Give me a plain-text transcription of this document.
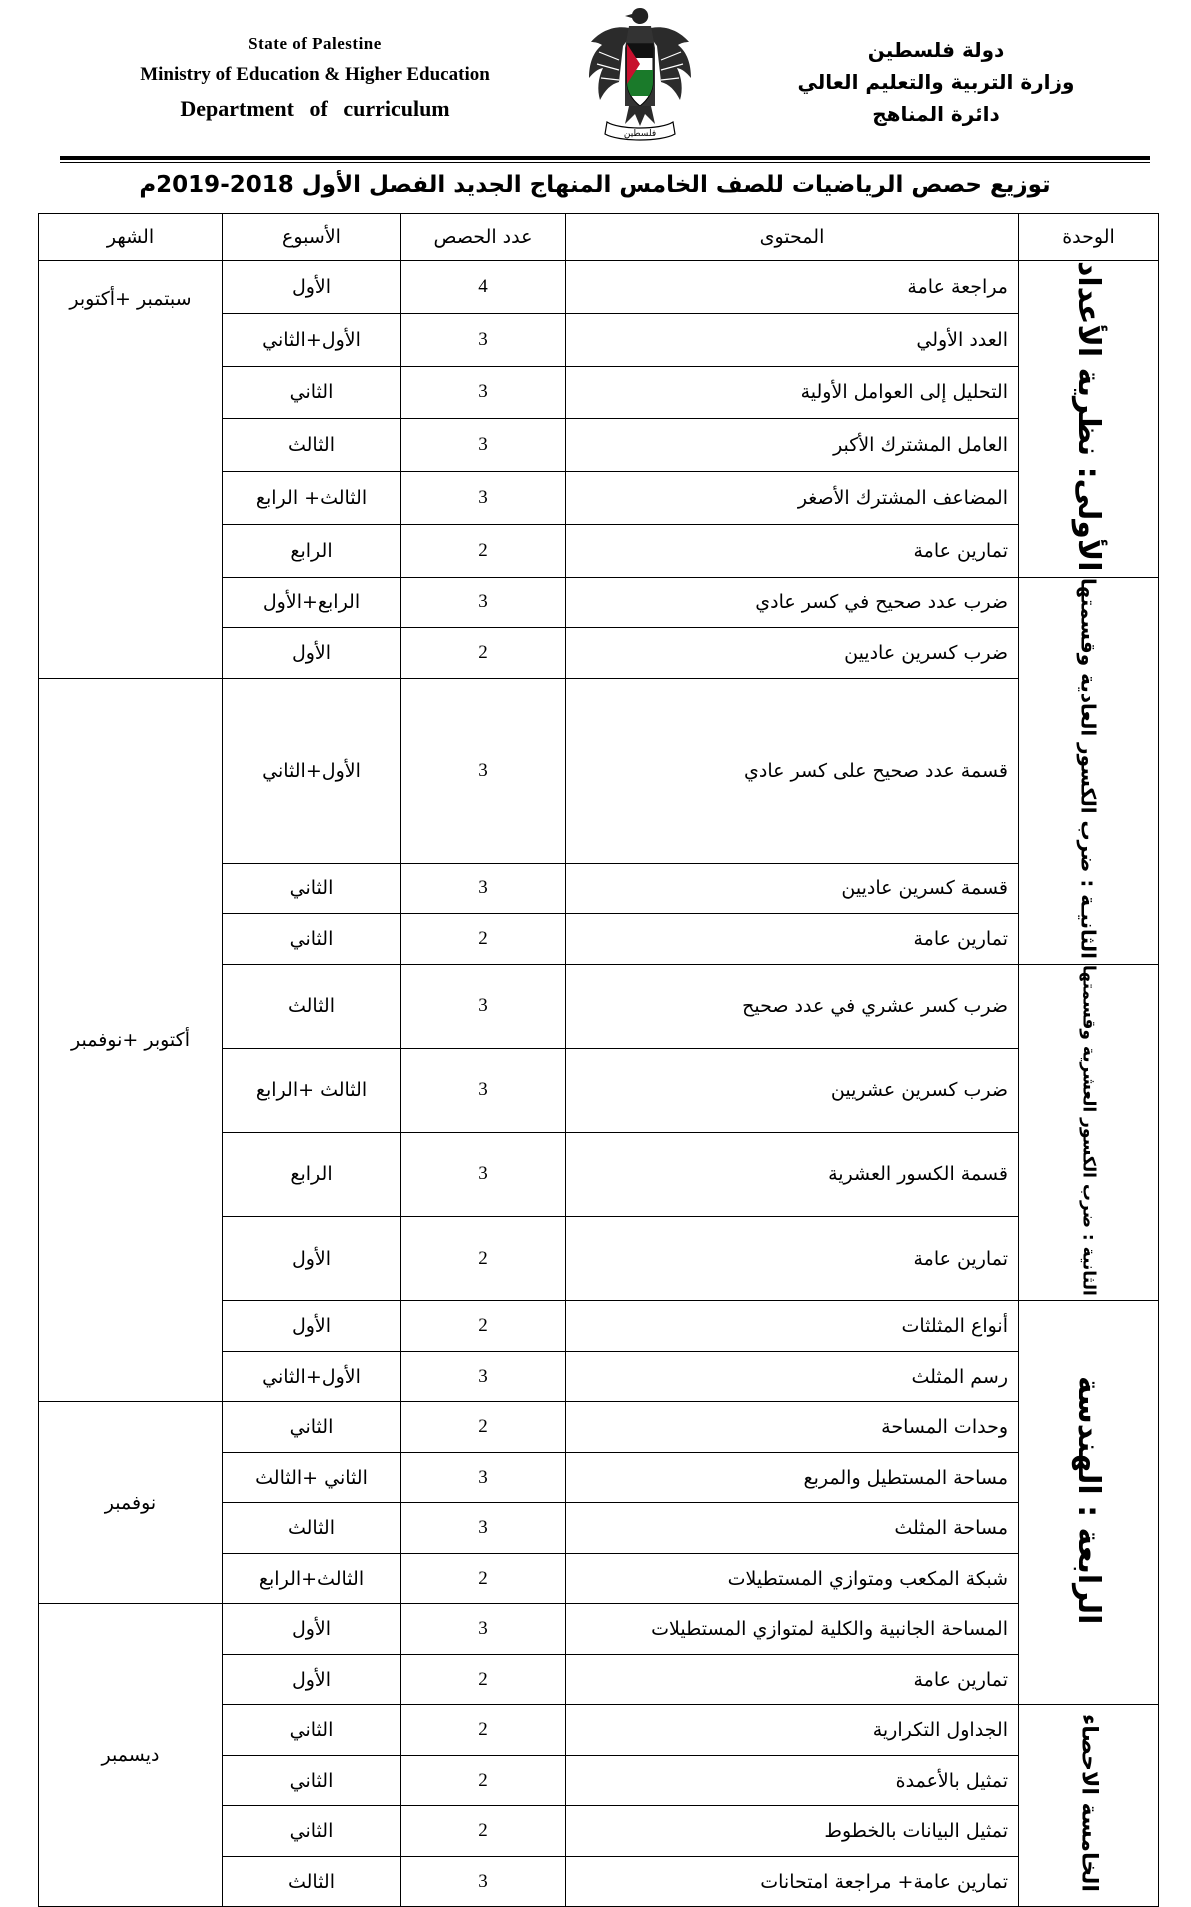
State of Palestine
Ministry of Education & Higher Education
Department of curriculum
فلسطين
دولة فلسطين
وزارة التربية والتعليم العالي
دائرة المناهج
توزيع حصص الرياضيات للصف الخامس المنهاج الجديد الفصل الأول 2018-2019م
الوحدة	المحتوى	عدد الحصص	الأسبوع	الشهر
الأولى: نظرية الأعداد	مراجعة عامة	4	الأول	سبتمبر +أكتوبر
	العدد الأولي	3	الأول+الثاني	
	التحليل إلى العوامل الأولية	3	الثاني	
	العامل المشترك الأكبر	3	الثالث	
	المضاعف المشترك الأصغر	3	الثالث+ الرابع	
	تمارين عامة	2	الرابع	
الثانيـة : ضرب الكسور العادية وقسمتها	ضرب عدد صحيح في كسر عادي	3	الرابع+الأول	
	ضرب كسرين عاديين	2	الأول	
	قسمة عدد صحيح على كسر عادي	3	الأول+الثاني	أكتوبر +نوفمبر
	قسمة كسرين عاديين	3	الثاني	
	تمارين عامة	2	الثاني	
الثانية : ضرب الكسور العشرية وقسمتها	ضرب كسر عشري في عدد صحيح	3	الثالث	
	ضرب كسرين عشريين	3	الثالث +الرابع	
	قسمة الكسور العشرية	3	الرابع	
	تمارين عامة	2	الأول	
الرابعة : الهندسة	أنواع المثلثات	2	الأول	
	رسم المثلث	3	الأول+الثاني	
	وحدات المساحة	2	الثاني	نوفمبر
	مساحة المستطيل والمربع	3	الثاني +الثالث	
	مساحة المثلث	3	الثالث	
	شبكة المكعب ومتوازي المستطيلات	2	الثالث+الرابع	
	المساحة الجانبية والكلية لمتوازي المستطيلات	3	الأول	ديسمبر
	تمارين عامة	2	الأول	
الخامسة الاحصاء	الجداول التكرارية	2	الثاني	
	تمثيل بالأعمدة	2	الثاني	
	تمثيل البيانات بالخطوط	2	الثاني	
	تمارين عامة+ مراجعة امتحانات	3	الثالث	
